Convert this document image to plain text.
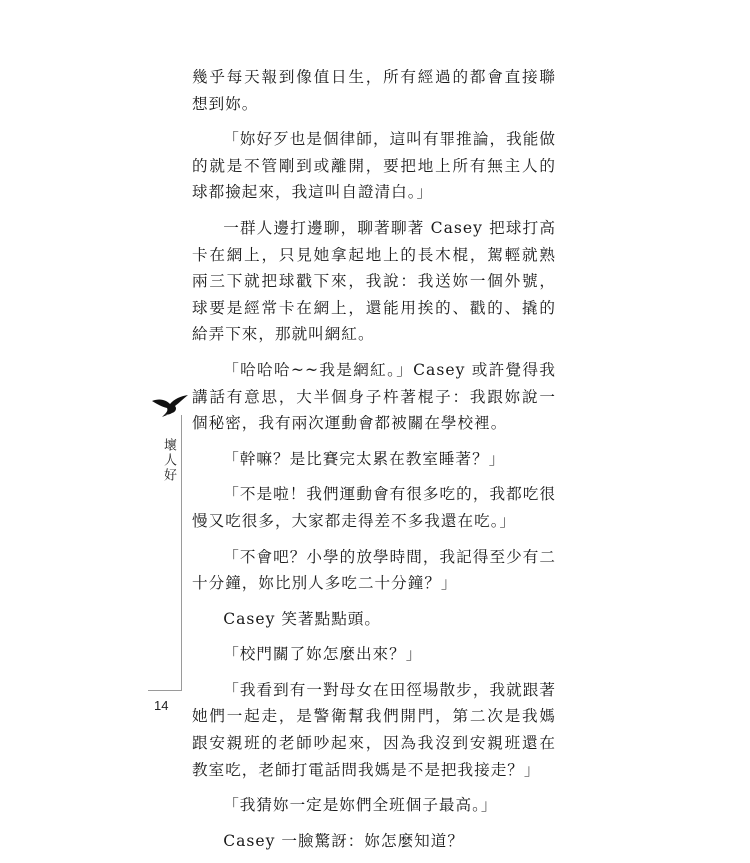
幾乎每天報到像值日生，所有經過的都會直接聯想到妳。

「妳好歹也是個律師，這叫有罪推論，我能做的就是不管剛到或離開，要把地上所有無主人的球都撿起來，我這叫自證清白。」

一群人邊打邊聊，聊著聊著 Casey 把球打高卡在網上，只見她拿起地上的長木棍，駕輕就熟兩三下就把球戳下來，我說：我送妳一個外號，球要是經常卡在網上，還能用挨的、戳的、撬的給弄下來，那就叫網紅。

「哈哈哈~~我是網紅。」Casey 或許覺得我講話有意思，大半個身子杵著棍子：我跟妳說一個秘密，我有兩次運動會都被關在學校裡。

「幹嘛？是比賽完太累在教室睡著？」

「不是啦！我們運動會有很多吃的，我都吃很慢又吃很多，大家都走得差不多我還在吃。」

「不會吧？小學的放學時間，我記得至少有二十分鐘，妳比別人多吃二十分鐘？」

Casey 笑著點點頭。

「校門關了妳怎麼出來？」

「我看到有一對母女在田徑場散步，我就跟著她們一起走，是警衛幫我們開門，第二次是我媽跟安親班的老師吵起來，因為我沒到安親班還在教室吃，老師打電話問我媽是不是把我接走？」

「我猜妳一定是妳們全班個子最高。」

Casey 一臉驚訝：妳怎麼知道？

壞人好
14
